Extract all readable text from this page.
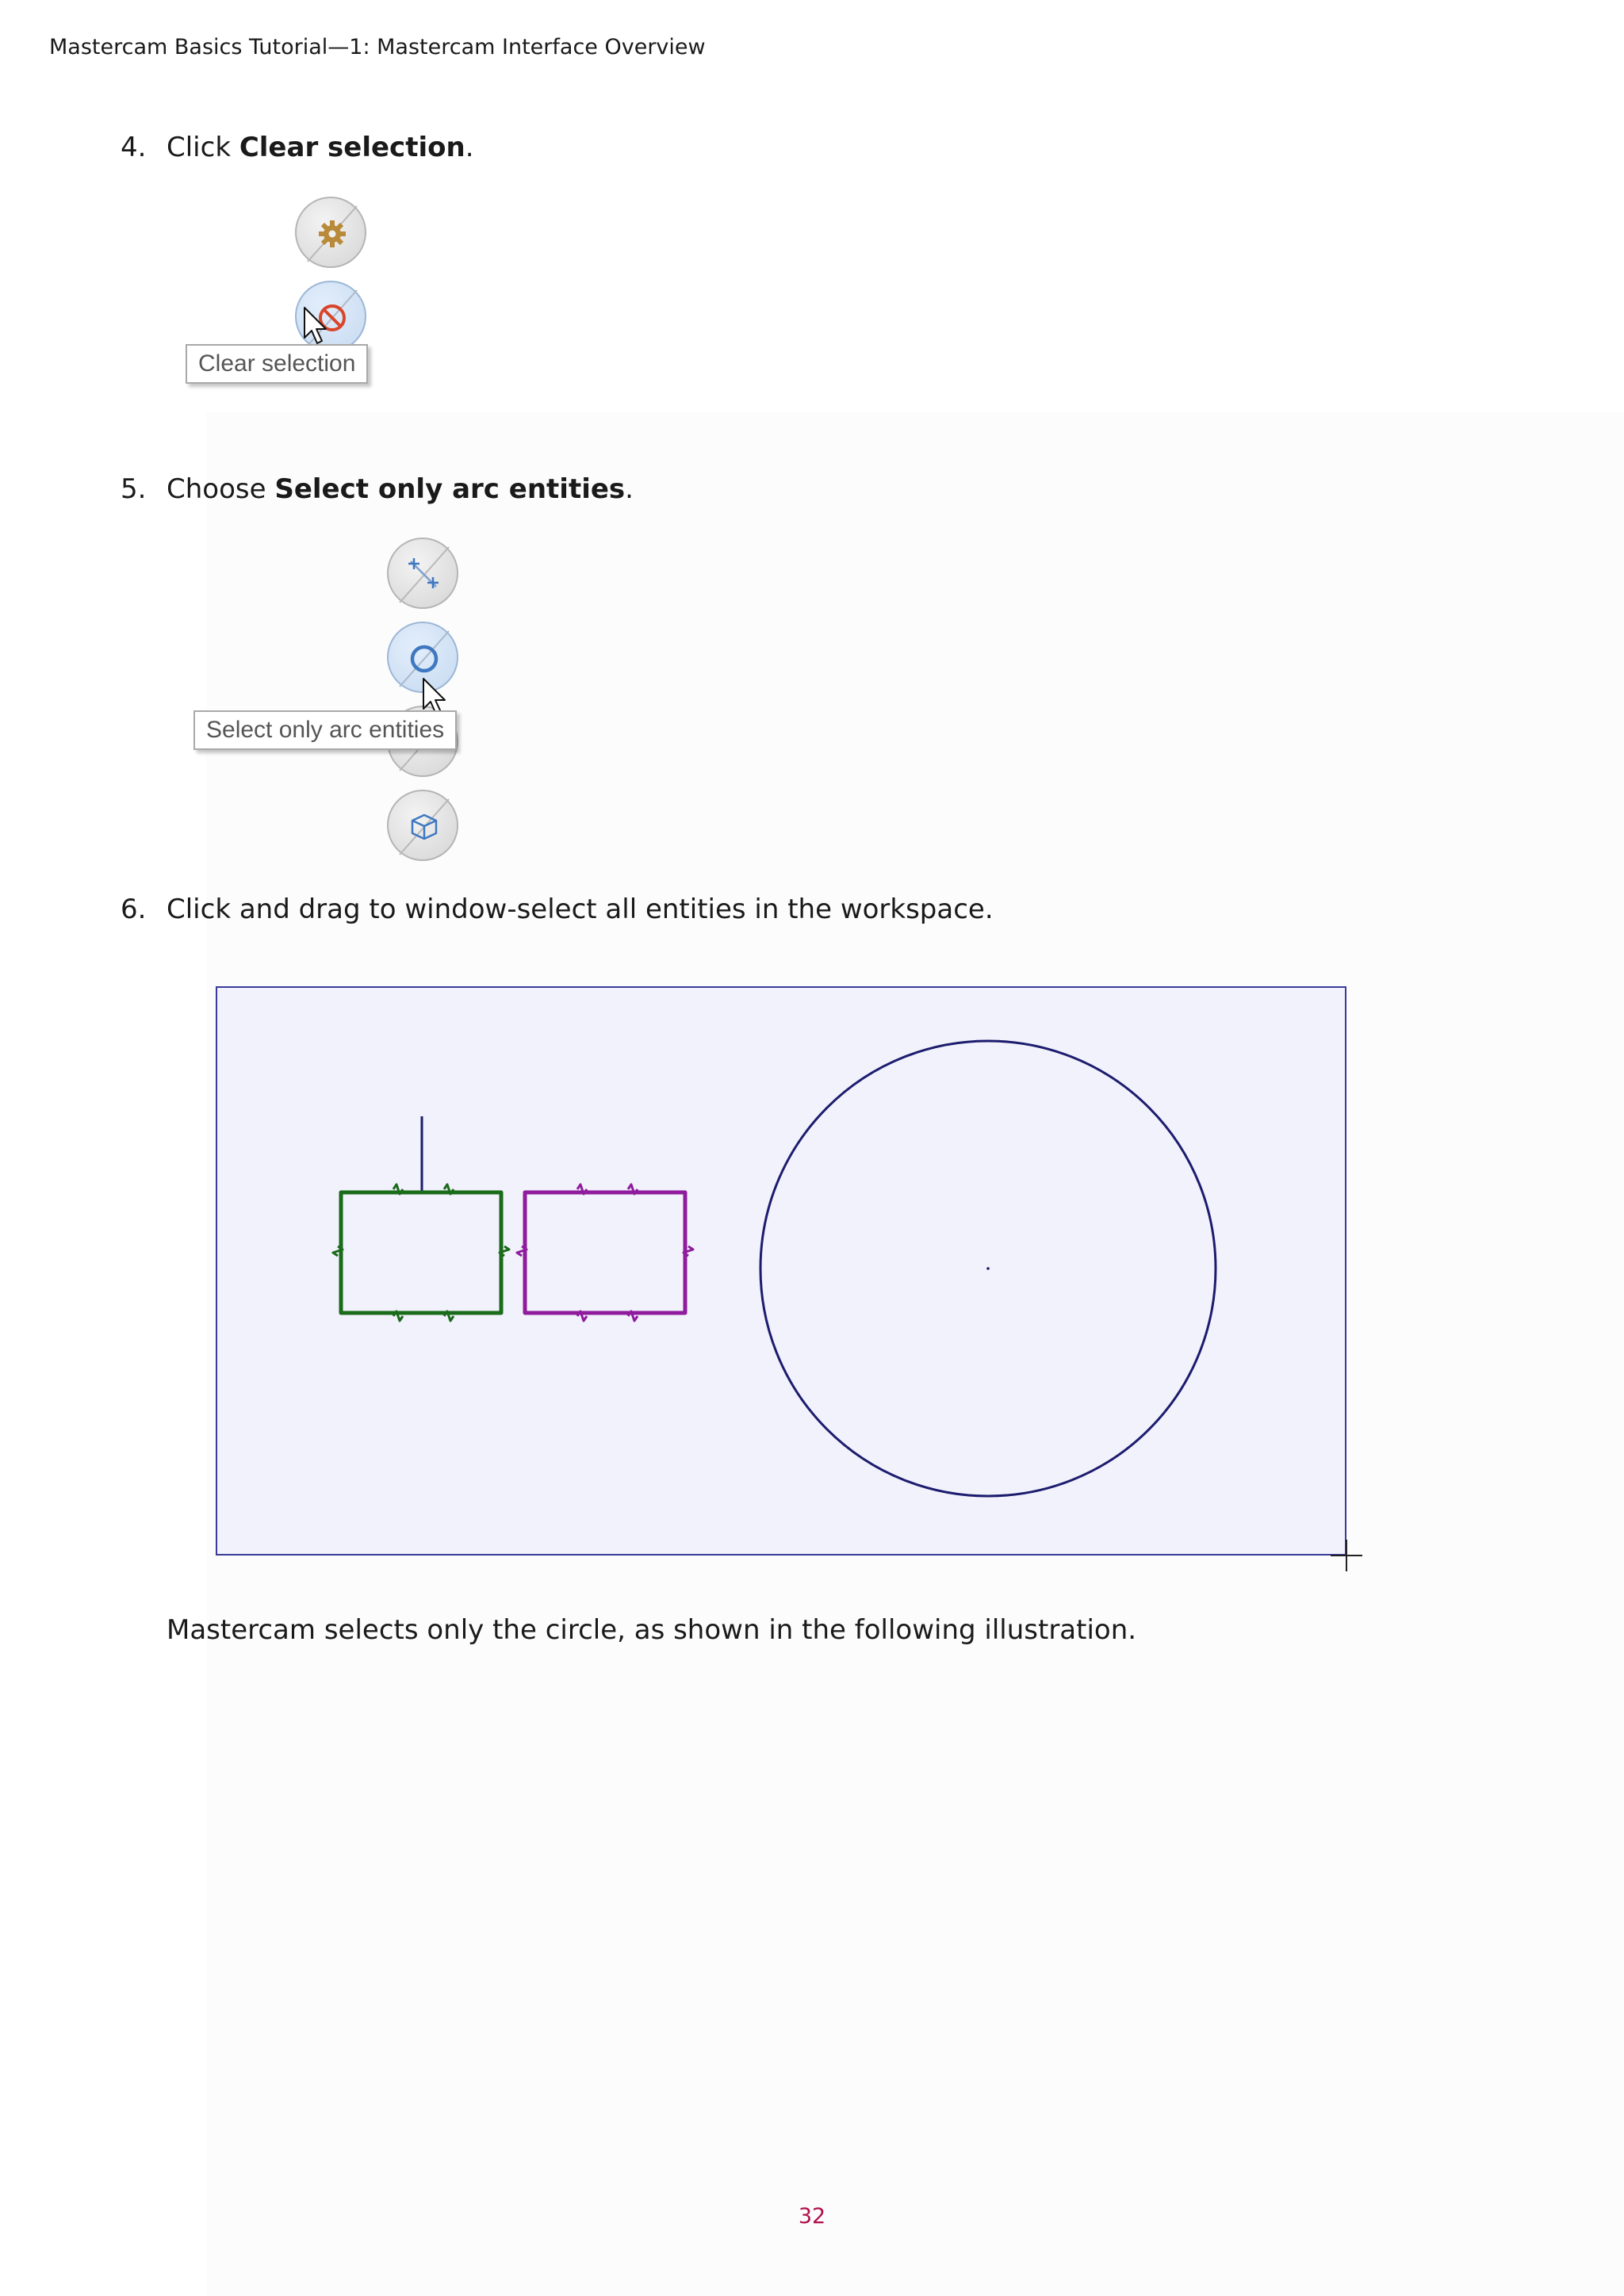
Mastercam Basics Tutorial—1: Mastercam Interface Overview
4. Click Clear selection.
Clear selection
5. Choose Select only arc entities.
Select only arc entities
6. Click and drag to window-select all entities in the workspace.
Mastercam selects only the circle, as shown in the following illustration.
32
